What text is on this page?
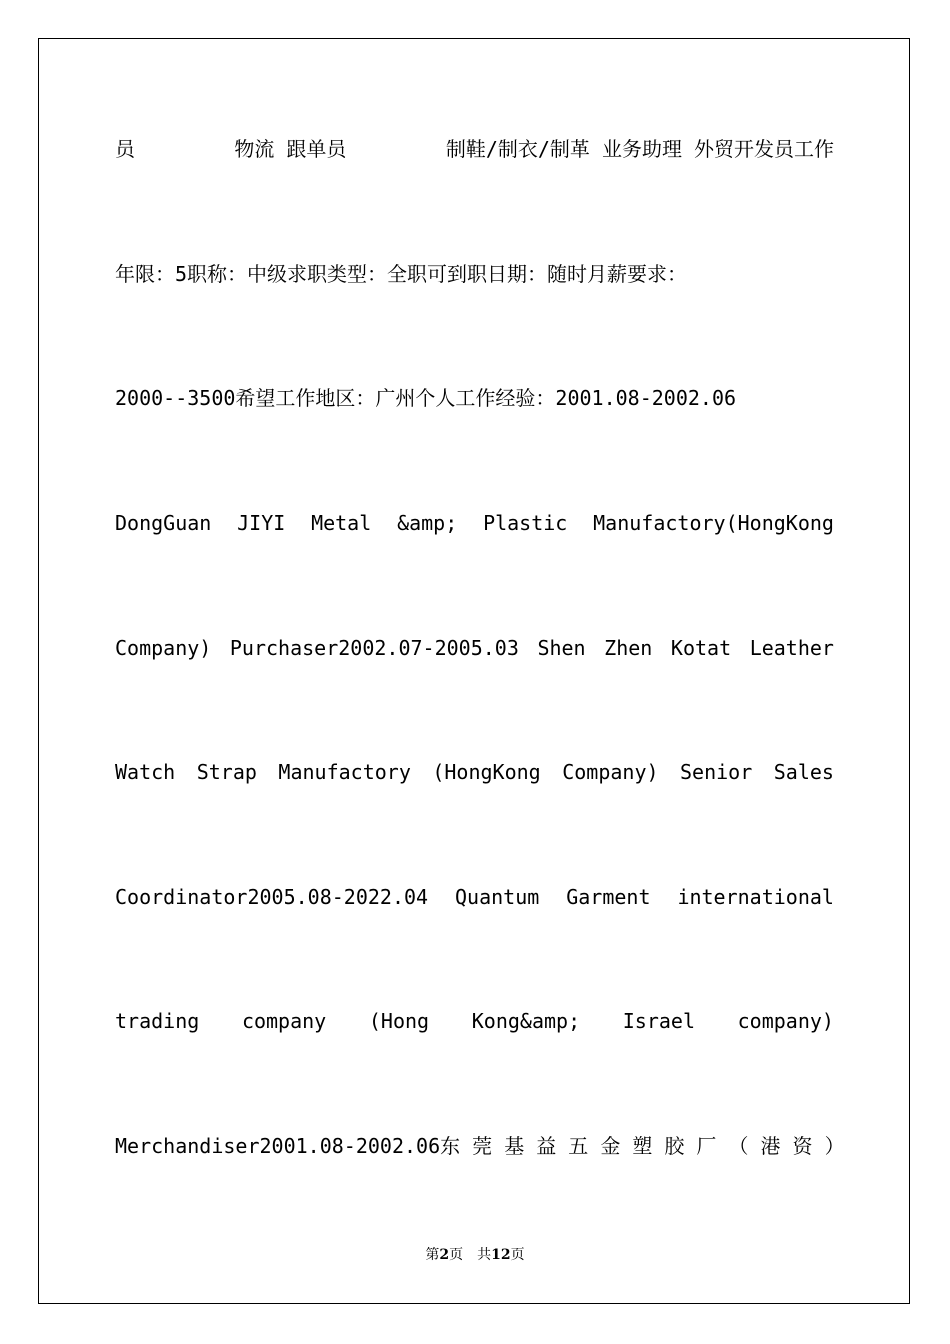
员	物流 跟单员	制鞋/制衣/制革 业务助理 外贸开发员工作
年限：5职称：中级求职类型：全职可到职日期：随时月薪要求：
2000--3500希望工作地区：广州个人工作经验：2001.08-2002.06
DongGuan JIYI Metal &amp; Plastic Manufactory(HongKong
Company) Purchaser2002.07-2005.03 Shen Zhen Kotat Leather
Watch Strap Manufactory (HongKong Company) Senior Sales
Coordinator2005.08-2022.04 Quantum Garment international
trading company (Hong Kong&amp; Israel company)
Merchandiser2001.08-2002.06 东 莞 基 益 五 金 塑 胶 厂 （ 港 资 ）
第2页　共12页
